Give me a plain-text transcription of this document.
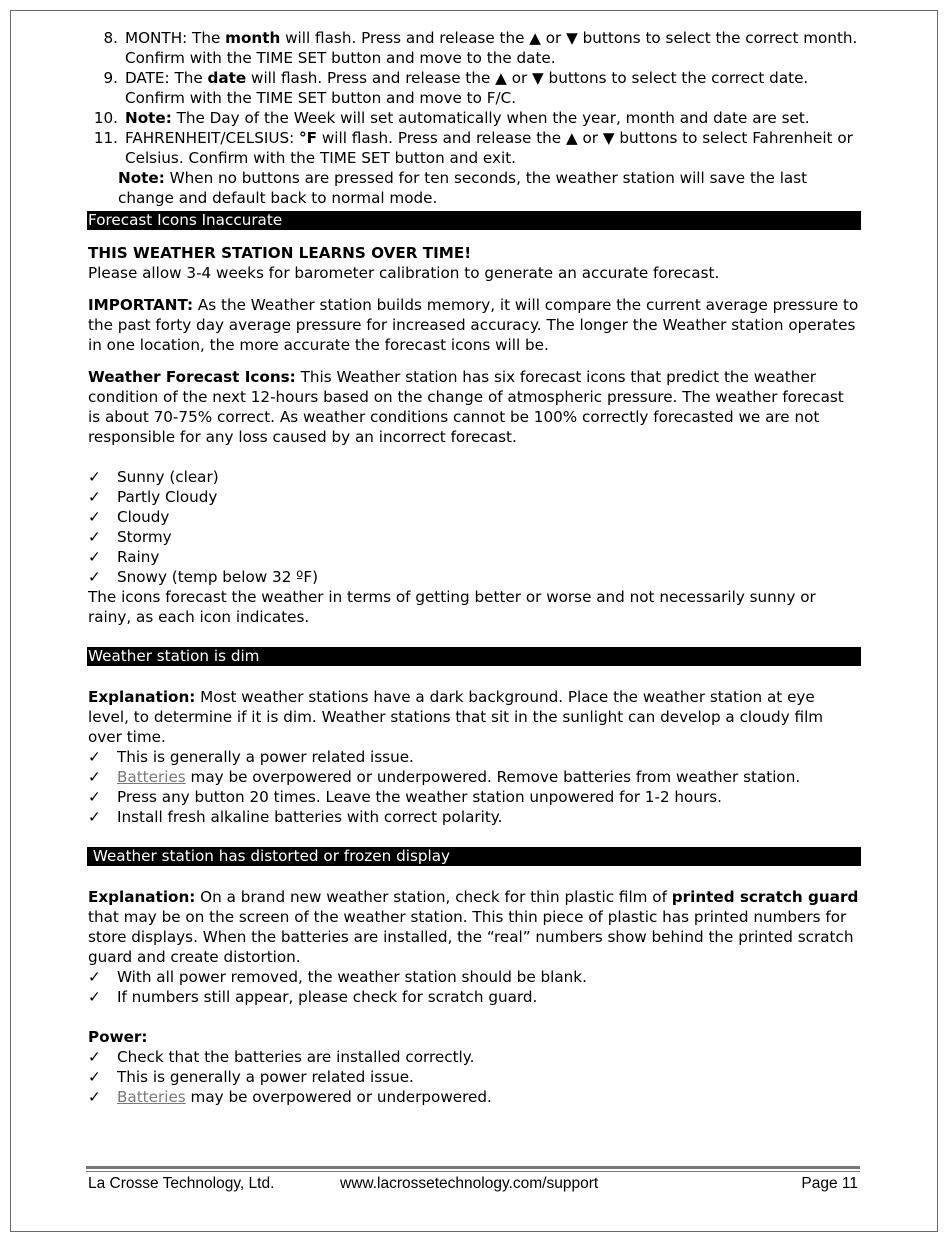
8. MONTH: The month will flash. Press and release the ▲ or ▼ buttons to select the correct month. Confirm with the TIME SET button and move to the date.
9. DATE: The date will flash. Press and release the ▲ or ▼ buttons to select the correct date. Confirm with the TIME SET button and move to F/C.
10. Note: The Day of the Week will set automatically when the year, month and date are set.
11. FAHRENHEIT/CELSIUS: °F will flash. Press and release the ▲ or ▼ buttons to select Fahrenheit or Celsius. Confirm with the TIME SET button and exit.
Note: When no buttons are pressed for ten seconds, the weather station will save the last change and default back to normal mode.
Forecast Icons Inaccurate
THIS WEATHER STATION LEARNS OVER TIME!
Please allow 3-4 weeks for barometer calibration to generate an accurate forecast.
IMPORTANT: As the Weather station builds memory, it will compare the current average pressure to the past forty day average pressure for increased accuracy. The longer the Weather station operates in one location, the more accurate the forecast icons will be.
Weather Forecast Icons: This Weather station has six forecast icons that predict the weather condition of the next 12-hours based on the change of atmospheric pressure. The weather forecast is about 70-75% correct. As weather conditions cannot be 100% correctly forecasted we are not responsible for any loss caused by an incorrect forecast.
✓ Sunny (clear)
✓ Partly Cloudy
✓ Cloudy
✓ Stormy
✓ Rainy
✓ Snowy (temp below 32 ºF)
The icons forecast the weather in terms of getting better or worse and not necessarily sunny or rainy, as each icon indicates.
Weather station is dim
Explanation: Most weather stations have a dark background. Place the weather station at eye level, to determine if it is dim. Weather stations that sit in the sunlight can develop a cloudy film over time.
✓ This is generally a power related issue.
✓ Batteries may be overpowered or underpowered. Remove batteries from weather station.
✓ Press any button 20 times. Leave the weather station unpowered for 1-2 hours.
✓ Install fresh alkaline batteries with correct polarity.
Weather station has distorted or frozen display
Explanation: On a brand new weather station, check for thin plastic film of printed scratch guard that may be on the screen of the weather station. This thin piece of plastic has printed numbers for store displays. When the batteries are installed, the “real” numbers show behind the printed scratch guard and create distortion.
✓ With all power removed, the weather station should be blank.
✓ If numbers still appear, please check for scratch guard.
Power:
✓ Check that the batteries are installed correctly.
✓ This is generally a power related issue.
✓ Batteries may be overpowered or underpowered.
La Crosse Technology, Ltd.	www.lacrossetechnology.com/support	Page 11
